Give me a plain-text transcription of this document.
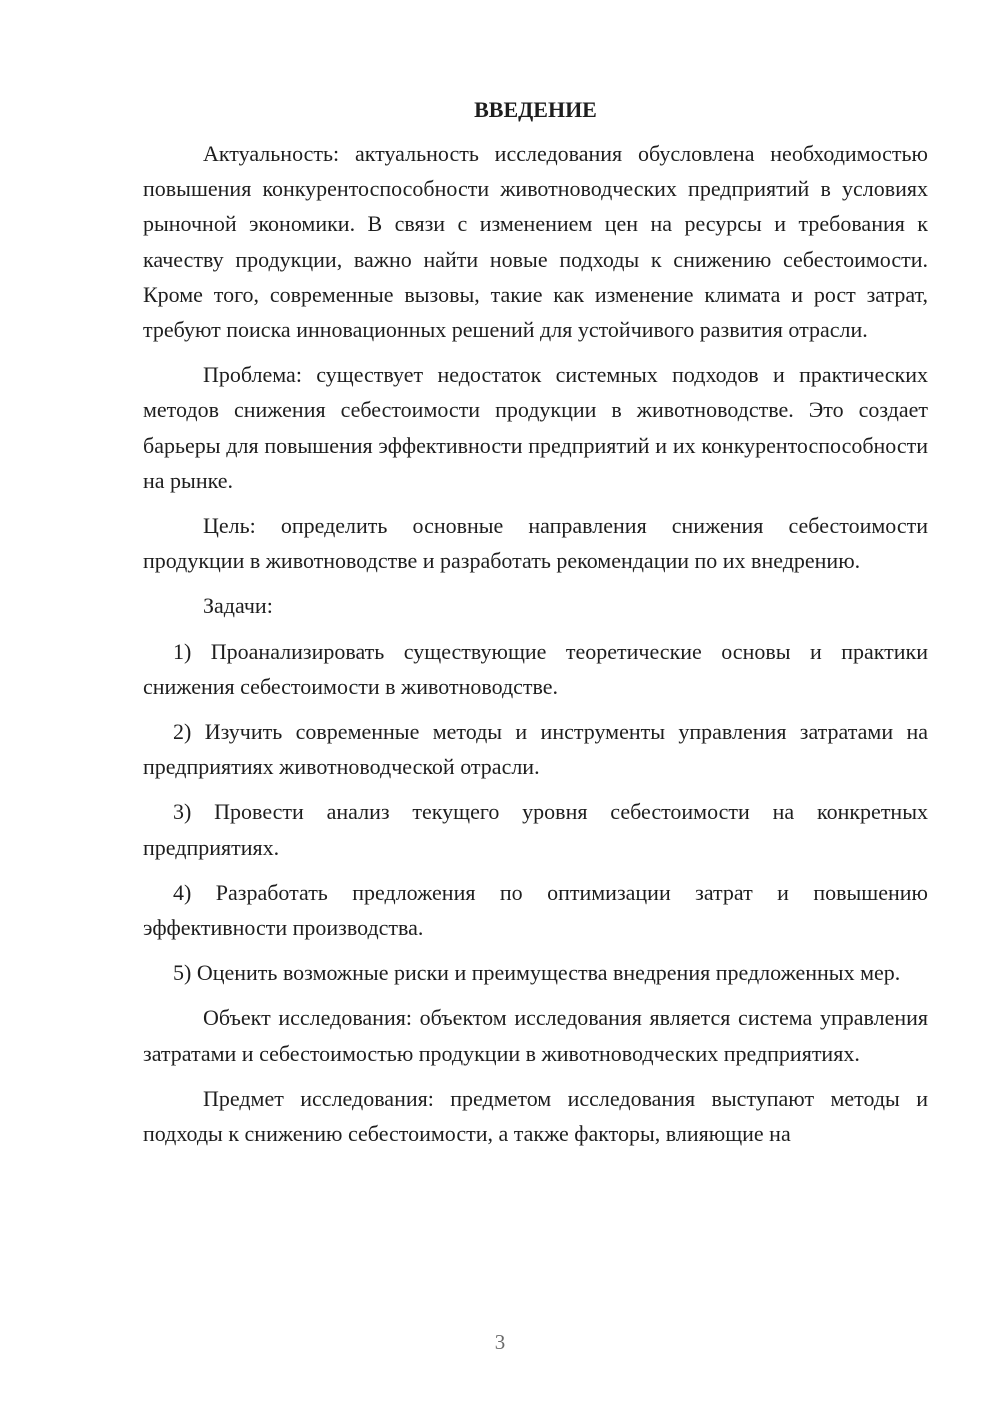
ВВЕДЕНИЕ

Актуальность: актуальность исследования обусловлена необходимостью повышения конкурентоспособности животноводческих предприятий в условиях рыночной экономики. В связи с изменением цен на ресурсы и требования к качеству продукции, важно найти новые подходы к снижению себестоимости. Кроме того, современные вызовы, такие как изменение климата и рост затрат, требуют поиска инновационных решений для устойчивого развития отрасли.

Проблема: существует недостаток системных подходов и практических методов снижения себестоимости продукции в животноводстве. Это создает барьеры для повышения эффективности предприятий и их конкурентоспособности на рынке.

Цель: определить основные направления снижения себестоимости продукции в животноводстве и разработать рекомендации по их внедрению.

Задачи:

1) Проанализировать существующие теоретические основы и практики снижения себестоимости в животноводстве.

2) Изучить современные методы и инструменты управления затратами на предприятиях животноводческой отрасли.

3) Провести анализ текущего уровня себестоимости на конкретных предприятиях.

4) Разработать предложения по оптимизации затрат и повышению эффективности производства.

5) Оценить возможные риски и преимущества внедрения предложенных мер.

Объект исследования: объектом исследования является система управления затратами и себестоимостью продукции в животноводческих предприятиях.

Предмет исследования: предметом исследования выступают методы и подходы к снижению себестоимости, а также факторы, влияющие на

3
